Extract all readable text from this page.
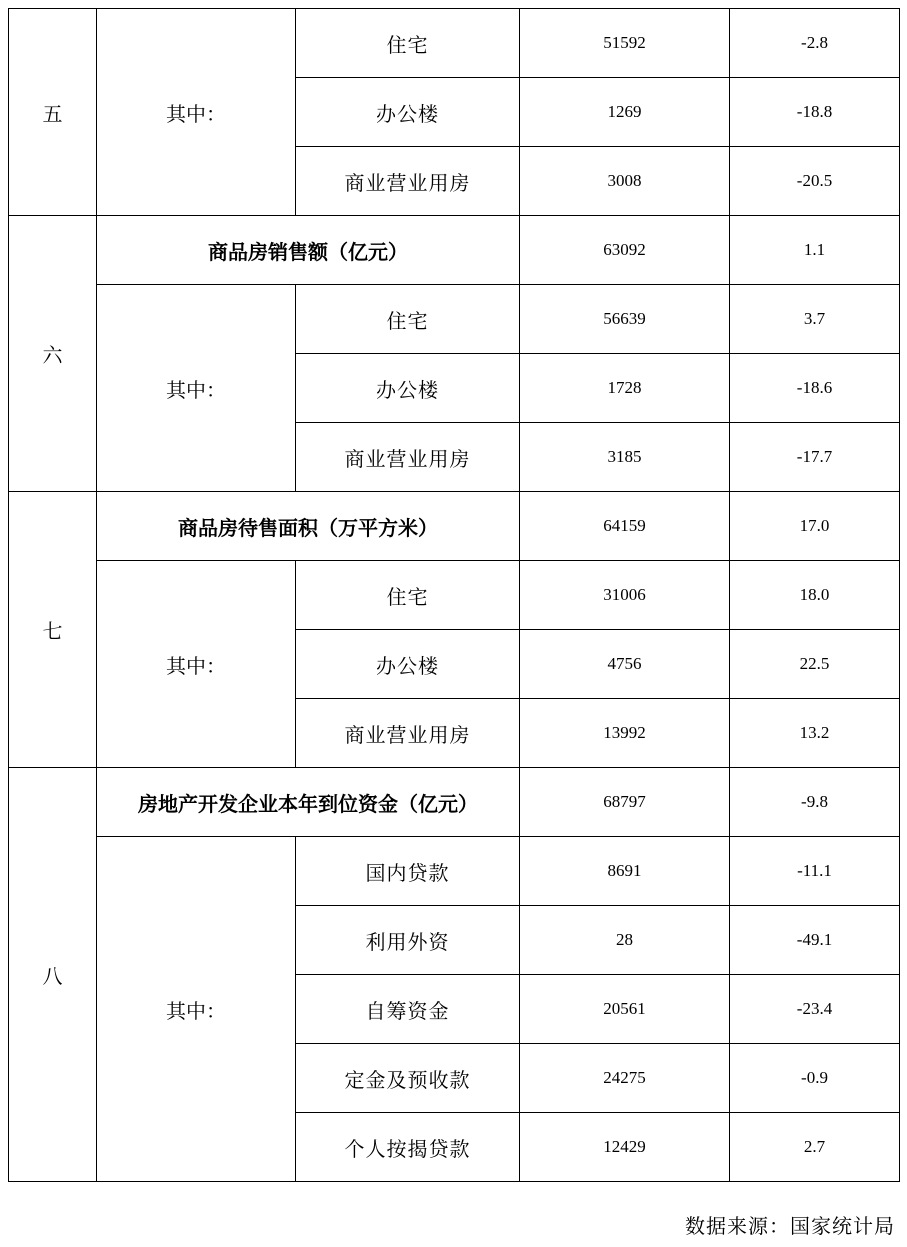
五	其中：	住宅	51592	-2.8
		办公楼	1269	-18.8
		商业营业用房	3008	-20.5
六	商品房销售额（亿元）		63092	1.1
	其中：	住宅	56639	3.7
		办公楼	1728	-18.6
		商业营业用房	3185	-17.7
七	商品房待售面积（万平方米）		64159	17.0
	其中：	住宅	31006	18.0
		办公楼	4756	22.5
		商业营业用房	13992	13.2
八	房地产开发企业本年到位资金（亿元）		68797	-9.8
	其中：	国内贷款	8691	-11.1
		利用外资	28	-49.1
		自筹资金	20561	-23.4
		定金及预收款	24275	-0.9
		个人按揭贷款	12429	2.7
数据来源：国家统计局
